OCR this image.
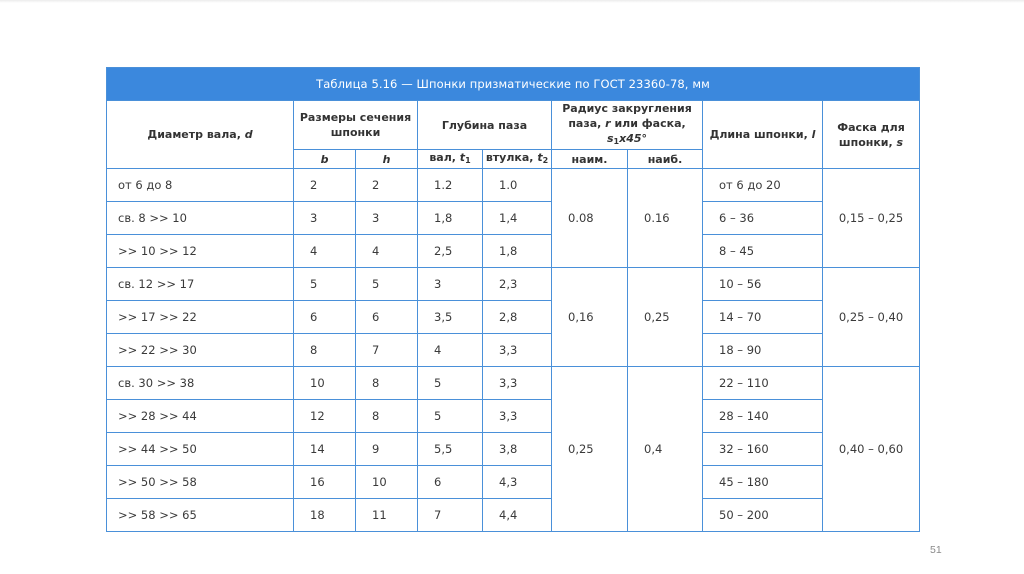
Таблица 5.16 — Шпонки призматические по ГОСТ 23360-78, мм								
Диаметр вала, d	Размеры сечения шпонки		Глубина паза		Радиус закругления паза, r или фаска, $s_1x45^\circ$		Длина шпонки, l	Фаска для шпонки, s
	b	h	вал, $t_1$	втулка, $t_2$	наим.	наиб.		
от 6 до 8	2	2	1.2	1.0	0.08	0.16	от 6 до 20	0,15 – 0,25
св. 8 >> 10	3	3	1,8	1,4			6 – 36	
>> 10 >> 12	4	4	2,5	1,8			8 – 45	
св. 12 >> 17	5	5	3	2,3	0,16	0,25	10 – 56	0,25 – 0,40
>> 17 >> 22	6	6	3,5	2,8			14 – 70	
>> 22 >> 30	8	7	4	3,3			18 – 90	
св. 30 >> 38	10	8	5	3,3	0,25	0,4	22 – 110	0,40 – 0,60
>> 28 >> 44	12	8	5	3,3			28 – 140	
>> 44 >> 50	14	9	5,5	3,8			32 – 160	
>> 50 >> 58	16	10	6	4,3			45 – 180	
>> 58 >> 65	18	11	7	4,4			50 – 200	
51
